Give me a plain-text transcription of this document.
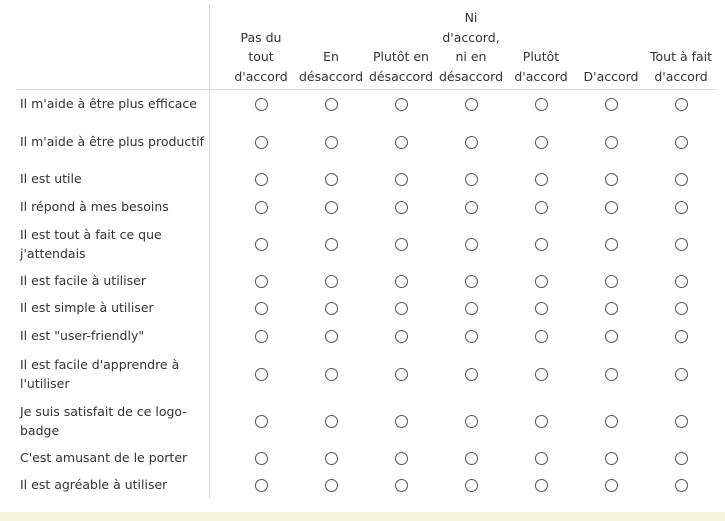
Pas du tout d'accord
En désaccord
Plutôt en désaccord
Ni d'accord, ni en désaccord
Plutôt d'accord	D'accord
Tout à fait d'accord
Il m'aide à être plus efficace
Il m'aide à être plus productif
Il est utile
Il répond à mes besoins
Il est tout à fait ce que j'attendais
Il est facile à utiliser
Il est simple à utiliser
Il est "user-friendly"
Il est facile d'apprendre à l'utiliser
Je suis satisfait de ce logo-badge
C'est amusant de le porter
Il est agréable à utiliser
